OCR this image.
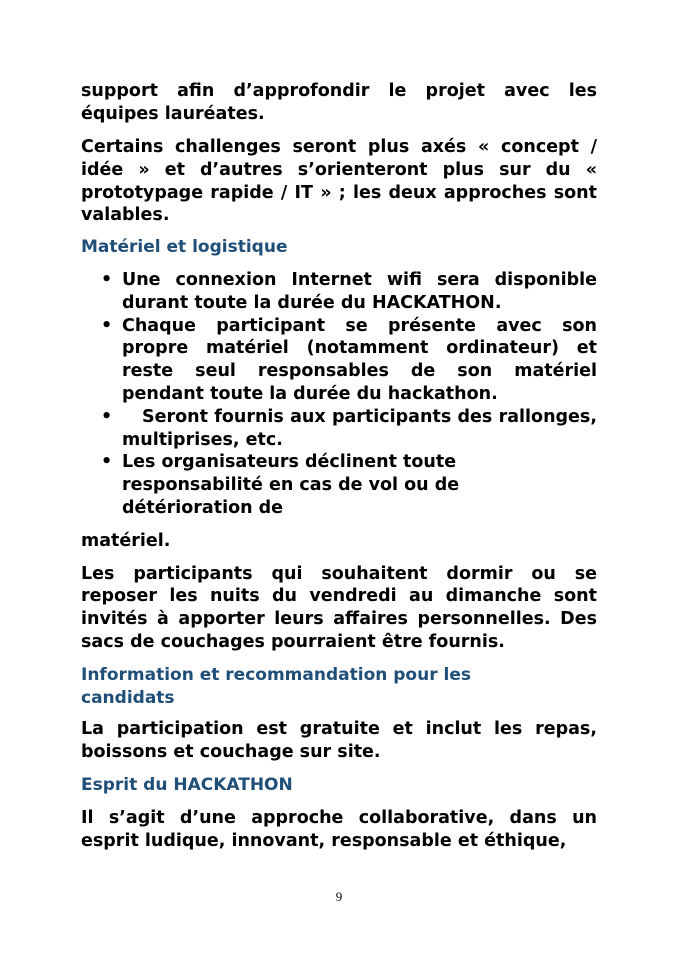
support afin d’approfondir le projet avec les équipes lauréates.

Certains challenges seront plus axés « concept / idée » et d’autres s’orienteront plus sur du « prototypage rapide / IT » ; les deux approches sont valables.

Matériel et logistique
• Une connexion Internet wifi sera disponible durant toute la durée du HACKATHON.
• Chaque participant se présente avec son propre matériel (notamment ordinateur) et reste seul responsables de son matériel pendant toute la durée du hackathon.
•	Seront fournis aux participants des rallonges, multiprises, etc.
• Les organisateurs déclinent toute responsabilité en cas de vol ou de détérioration de

matériel.

Les participants qui souhaitent dormir ou se reposer les nuits du vendredi au dimanche sont invités à apporter leurs affaires personnelles. Des sacs de couchages pourraient être fournis.

Information et recommandation pour les candidats

La participation est gratuite et inclut les repas, boissons et couchage sur site.

Esprit du HACKATHON

Il s’agit d’une approche collaborative, dans un esprit ludique, innovant, responsable et éthique,

9
